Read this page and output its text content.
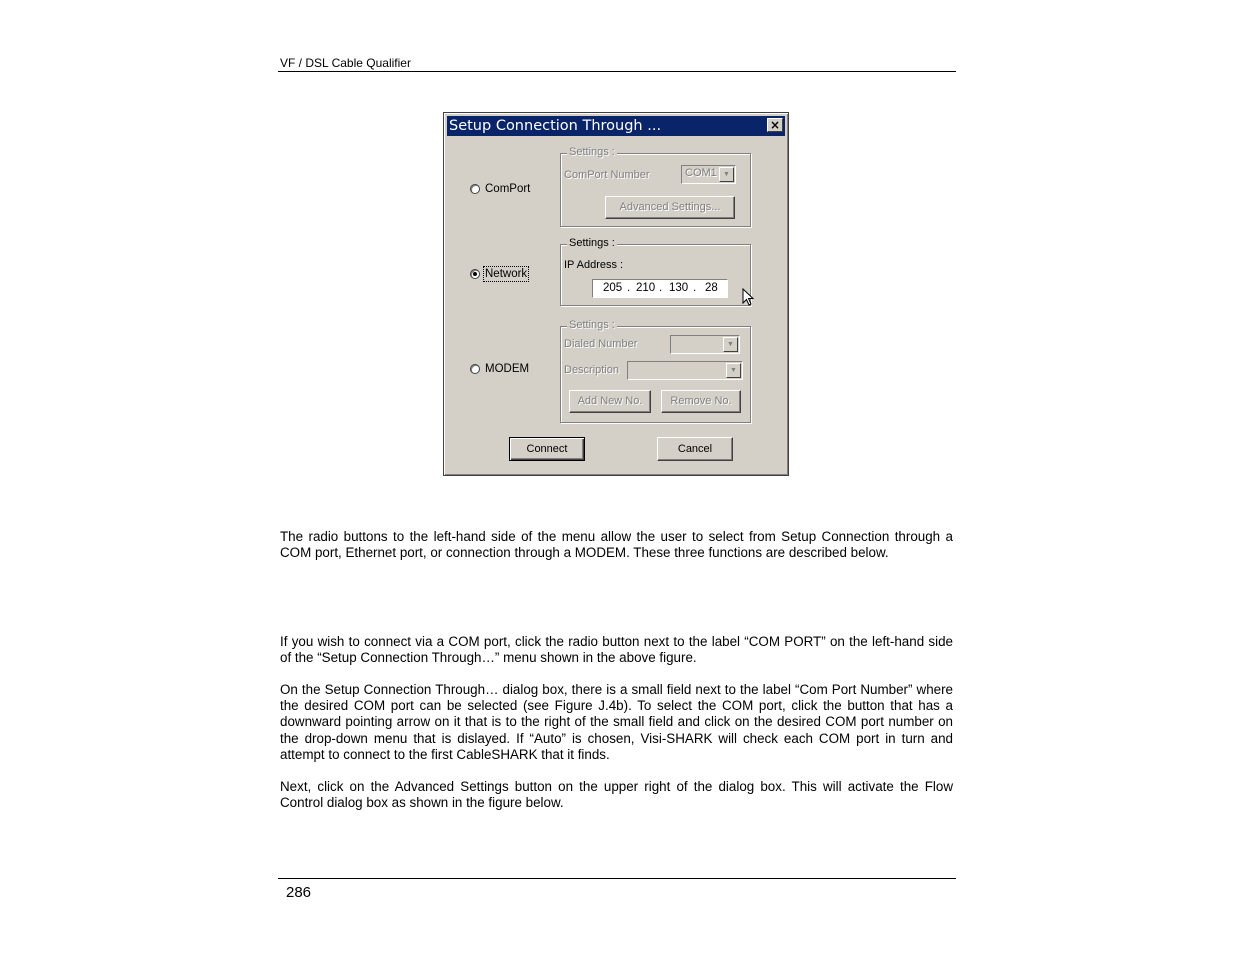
VF / DSL Cable Qualifier
Setup Connection Through ...	×
ComPort
Network
MODEM
Settings :
ComPort Number	COM1 ▼
Advanced Settings...
Settings :
IP Address :
205 . 210 . 130 . 28
Settings :
Dialed Number	▼
Description	▼
Add New No.	Remove No.
Connect	Cancel

The radio buttons to the left-hand side of the menu allow the user to select from Setup Connection through a COM port, Ethernet port, or connection through a MODEM. These three functions are described below.

If you wish to connect via a COM port, click the radio button next to the label “COM PORT” on the left-hand side of the “Setup Connection Through…” menu shown in the above figure.

On the Setup Connection Through… dialog box, there is a small field next to the label “Com Port Number” where the desired COM port can be selected (see Figure J.4b). To select the COM port, click the button that has a downward pointing arrow on it that is to the right of the small field and click on the desired COM port number on the drop-down menu that is dislayed. If “Auto” is chosen, Visi-SHARK will check each COM port in turn and attempt to connect to the first CableSHARK that it finds.

Next, click on the Advanced Settings button on the upper right of the dialog box. This will activate the Flow Control dialog box as shown in the figure below.

286
